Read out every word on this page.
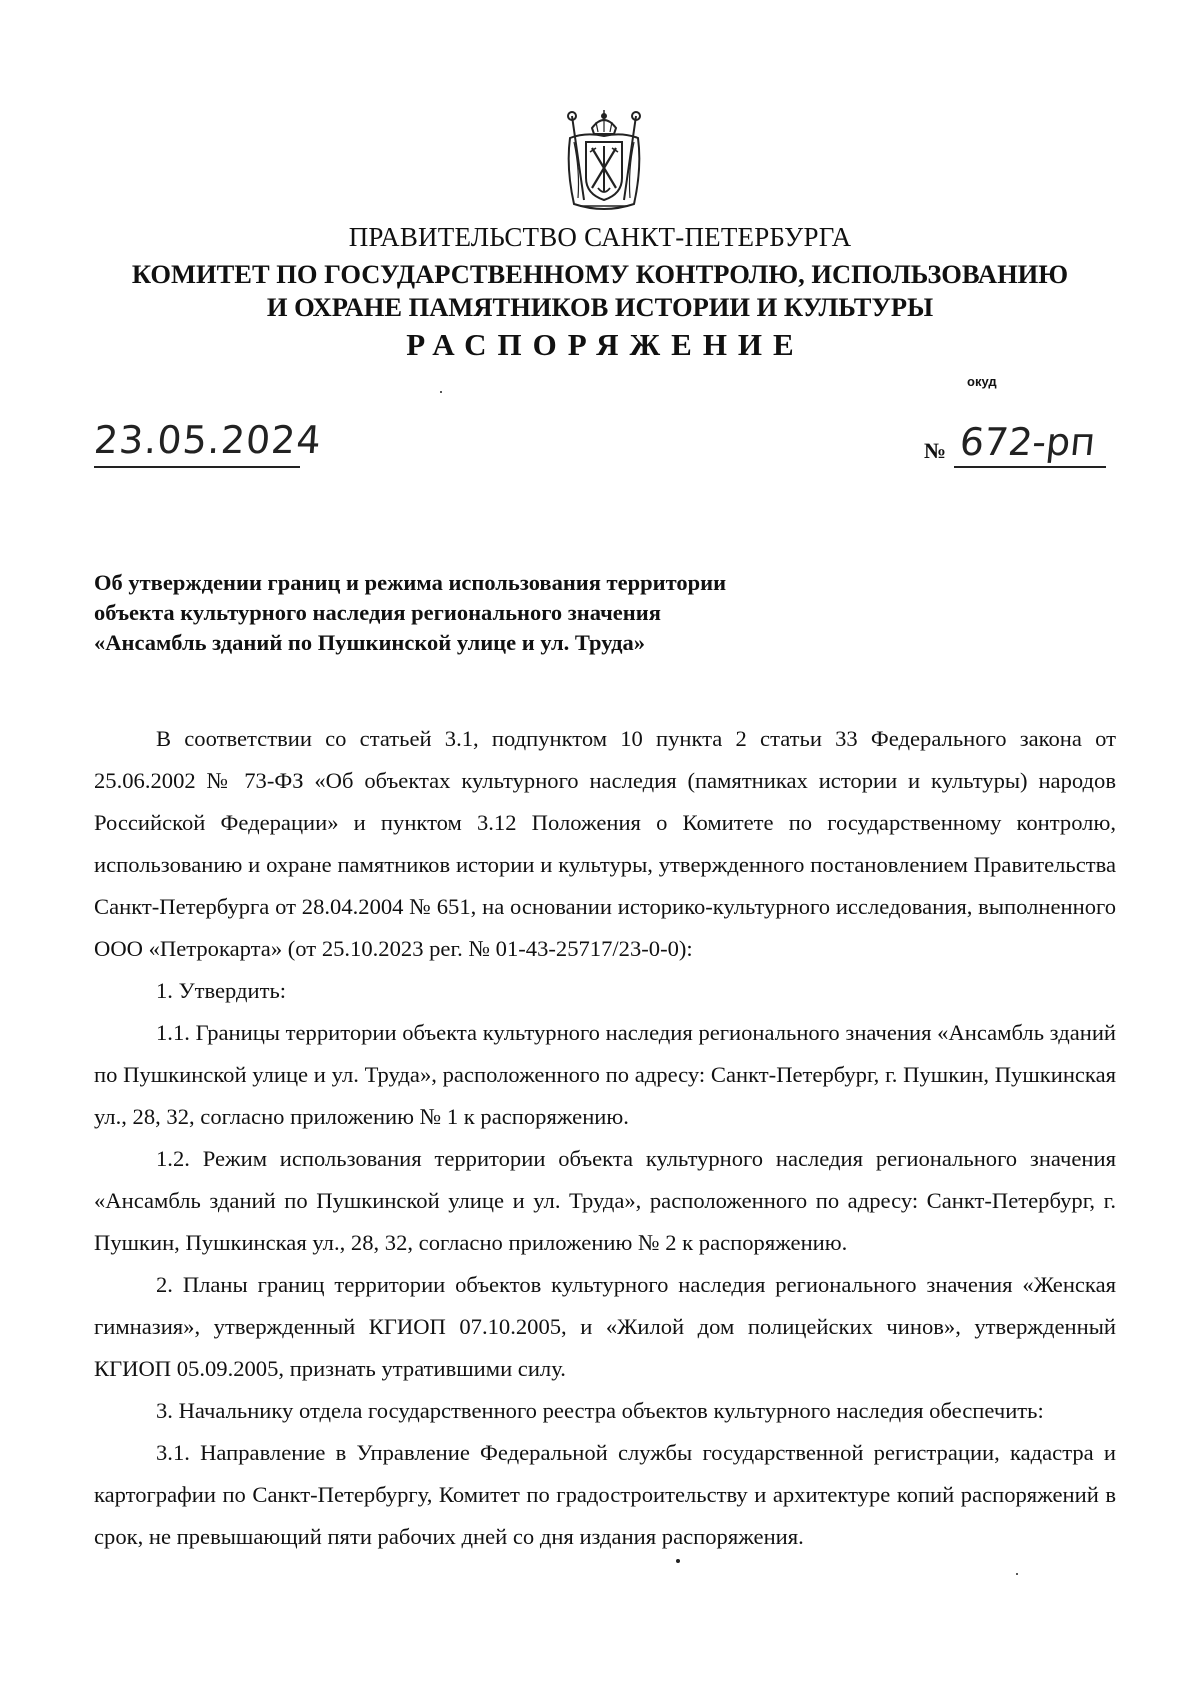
ПРАВИТЕЛЬСТВО САНКТ-ПЕТЕРБУРГА
КОМИТЕТ ПО ГОСУДАРСТВЕННОМУ КОНТРОЛЮ, ИСПОЛЬЗОВАНИЮ
И ОХРАНЕ ПАМЯТНИКОВ ИСТОРИИ И КУЛЬТУРЫ
РАСПОРЯЖЕНИЕ
окуд
23.05.2024	№ 672-рп
Об утверждении границ и режима использования территории
объекта культурного наследия регионального значения
«Ансамбль зданий по Пушкинской улице и ул. Труда»

В соответствии со статьей 3.1, подпунктом 10 пункта 2 статьи 33 Федерального закона от 25.06.2002 № 73-ФЗ «Об объектах культурного наследия (памятниках истории и культуры) народов Российской Федерации» и пунктом 3.12 Положения о Комитете по государственному контролю, использованию и охране памятников истории и культуры, утвержденного постановлением Правительства Санкт-Петербурга от 28.04.2004 № 651, на основании историко-культурного исследования, выполненного ООО «Петрокарта» (от 25.10.2023 рег. № 01-43-25717/23-0-0):

1. Утвердить:

1.1. Границы территории объекта культурного наследия регионального значения «Ансамбль зданий по Пушкинской улице и ул. Труда», расположенного по адресу: Санкт-Петербург, г. Пушкин, Пушкинская ул., 28, 32, согласно приложению № 1 к распоряжению.

1.2. Режим использования территории объекта культурного наследия регионального значения «Ансамбль зданий по Пушкинской улице и ул. Труда», расположенного по адресу: Санкт-Петербург, г. Пушкин, Пушкинская ул., 28, 32, согласно приложению № 2 к распоряжению.

2. Планы границ территории объектов культурного наследия регионального значения «Женская гимназия», утвержденный КГИОП 07.10.2005, и «Жилой дом полицейских чинов», утвержденный КГИОП 05.09.2005, признать утратившими силу.

3. Начальнику отдела государственного реестра объектов культурного наследия обеспечить:

3.1. Направление в Управление Федеральной службы государственной регистрации, кадастра и картографии по Санкт-Петербургу, Комитет по градостроительству и архитектуре копий распоряжений в срок, не превышающий пяти рабочих дней со дня издания распоряжения.
